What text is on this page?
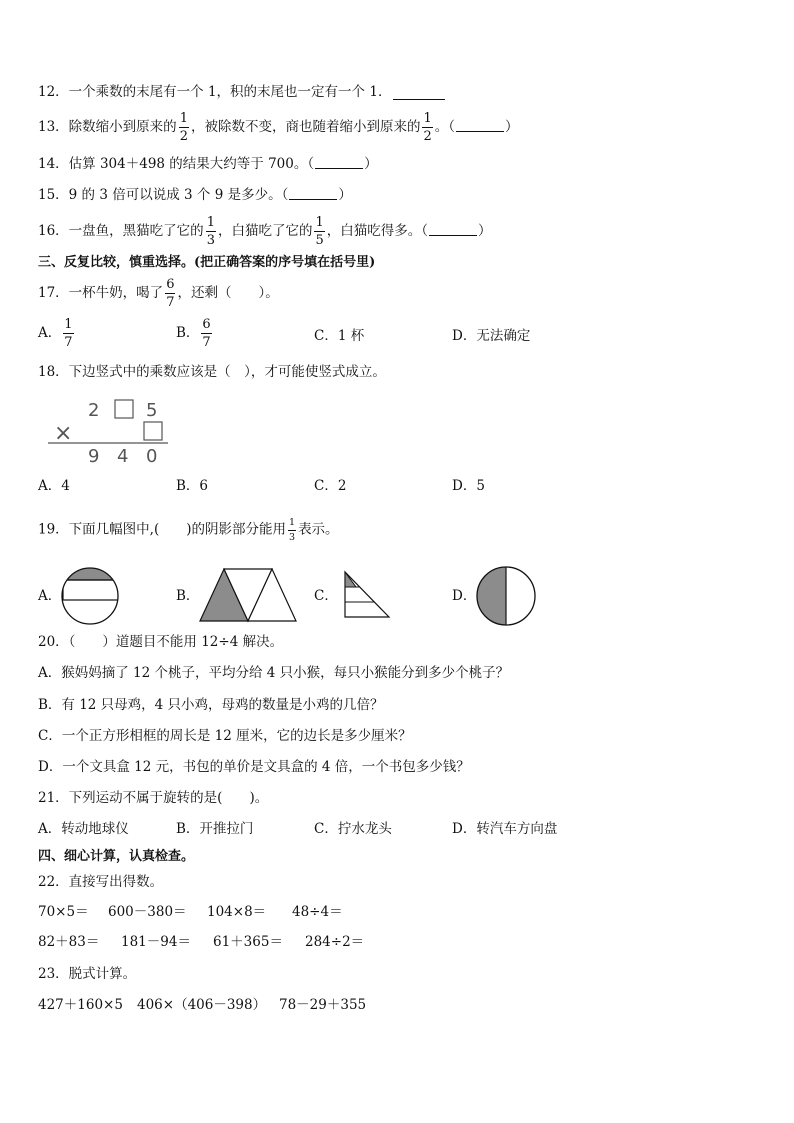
12．一个乘数的末尾有一个 1，积的末尾也一定有一个 1．
13．除数缩小到原来的 $\frac{1}{2}$ ，被除数不变，商也随着缩小到原来的 $\frac{1}{2}$ 。（	）
14．估算 304＋498 的结果大约等于 700。（	）
15．9 的 3 倍可以说成 3 个 9 是多少。（	）
16．一盘鱼，黑猫吃了它的 $\frac{1}{3}$ ，白猫吃了它的 $\frac{1}{5}$ ，白猫吃得多。（	）
三、反复比较，慎重选择。(把正确答案的序号填在括号里)
17．一杯牛奶，喝了 $\frac{6}{7}$ ，还剩（　　）。
A． $\frac{1}{7}$	B． $\frac{6}{7}$	C．1 杯	D．无法确定
18．下边竖式中的乘数应该是（　），才可能使竖式成立。
2	5
×
9 4 0
A．4	B．6	C．2	D．5
19．下面几幅图中,(　　)的阴影部分能用 $\frac{1}{3}$ 表示。
A．	B．	C．	D．
20．（　　）道题目不能用 12÷4 解决。
A．猴妈妈摘了 12 个桃子，平均分给 4 只小猴，每只小猴能分到多少个桃子？
B．有 12 只母鸡，4 只小鸡，母鸡的数量是小鸡的几倍？
C．一个正方形相框的周长是 12 厘米，它的边长是多少厘米？
D．一个文具盒 12 元，书包的单价是文具盒的 4 倍，一个书包多少钱？
21．下列运动不属于旋转的是(　　)。
A．转动地球仪	B．开推拉门	C．拧水龙头	D．转汽车方向盘
四、细心计算，认真检查。
22．直接写出得数。
70×5＝ 600－380＝ 104×8＝ 48÷4＝
82＋83＝ 181－94＝ 61＋365＝ 284÷2＝
23．脱式计算。
427＋160×5 406×（406－398） 78－29＋355
